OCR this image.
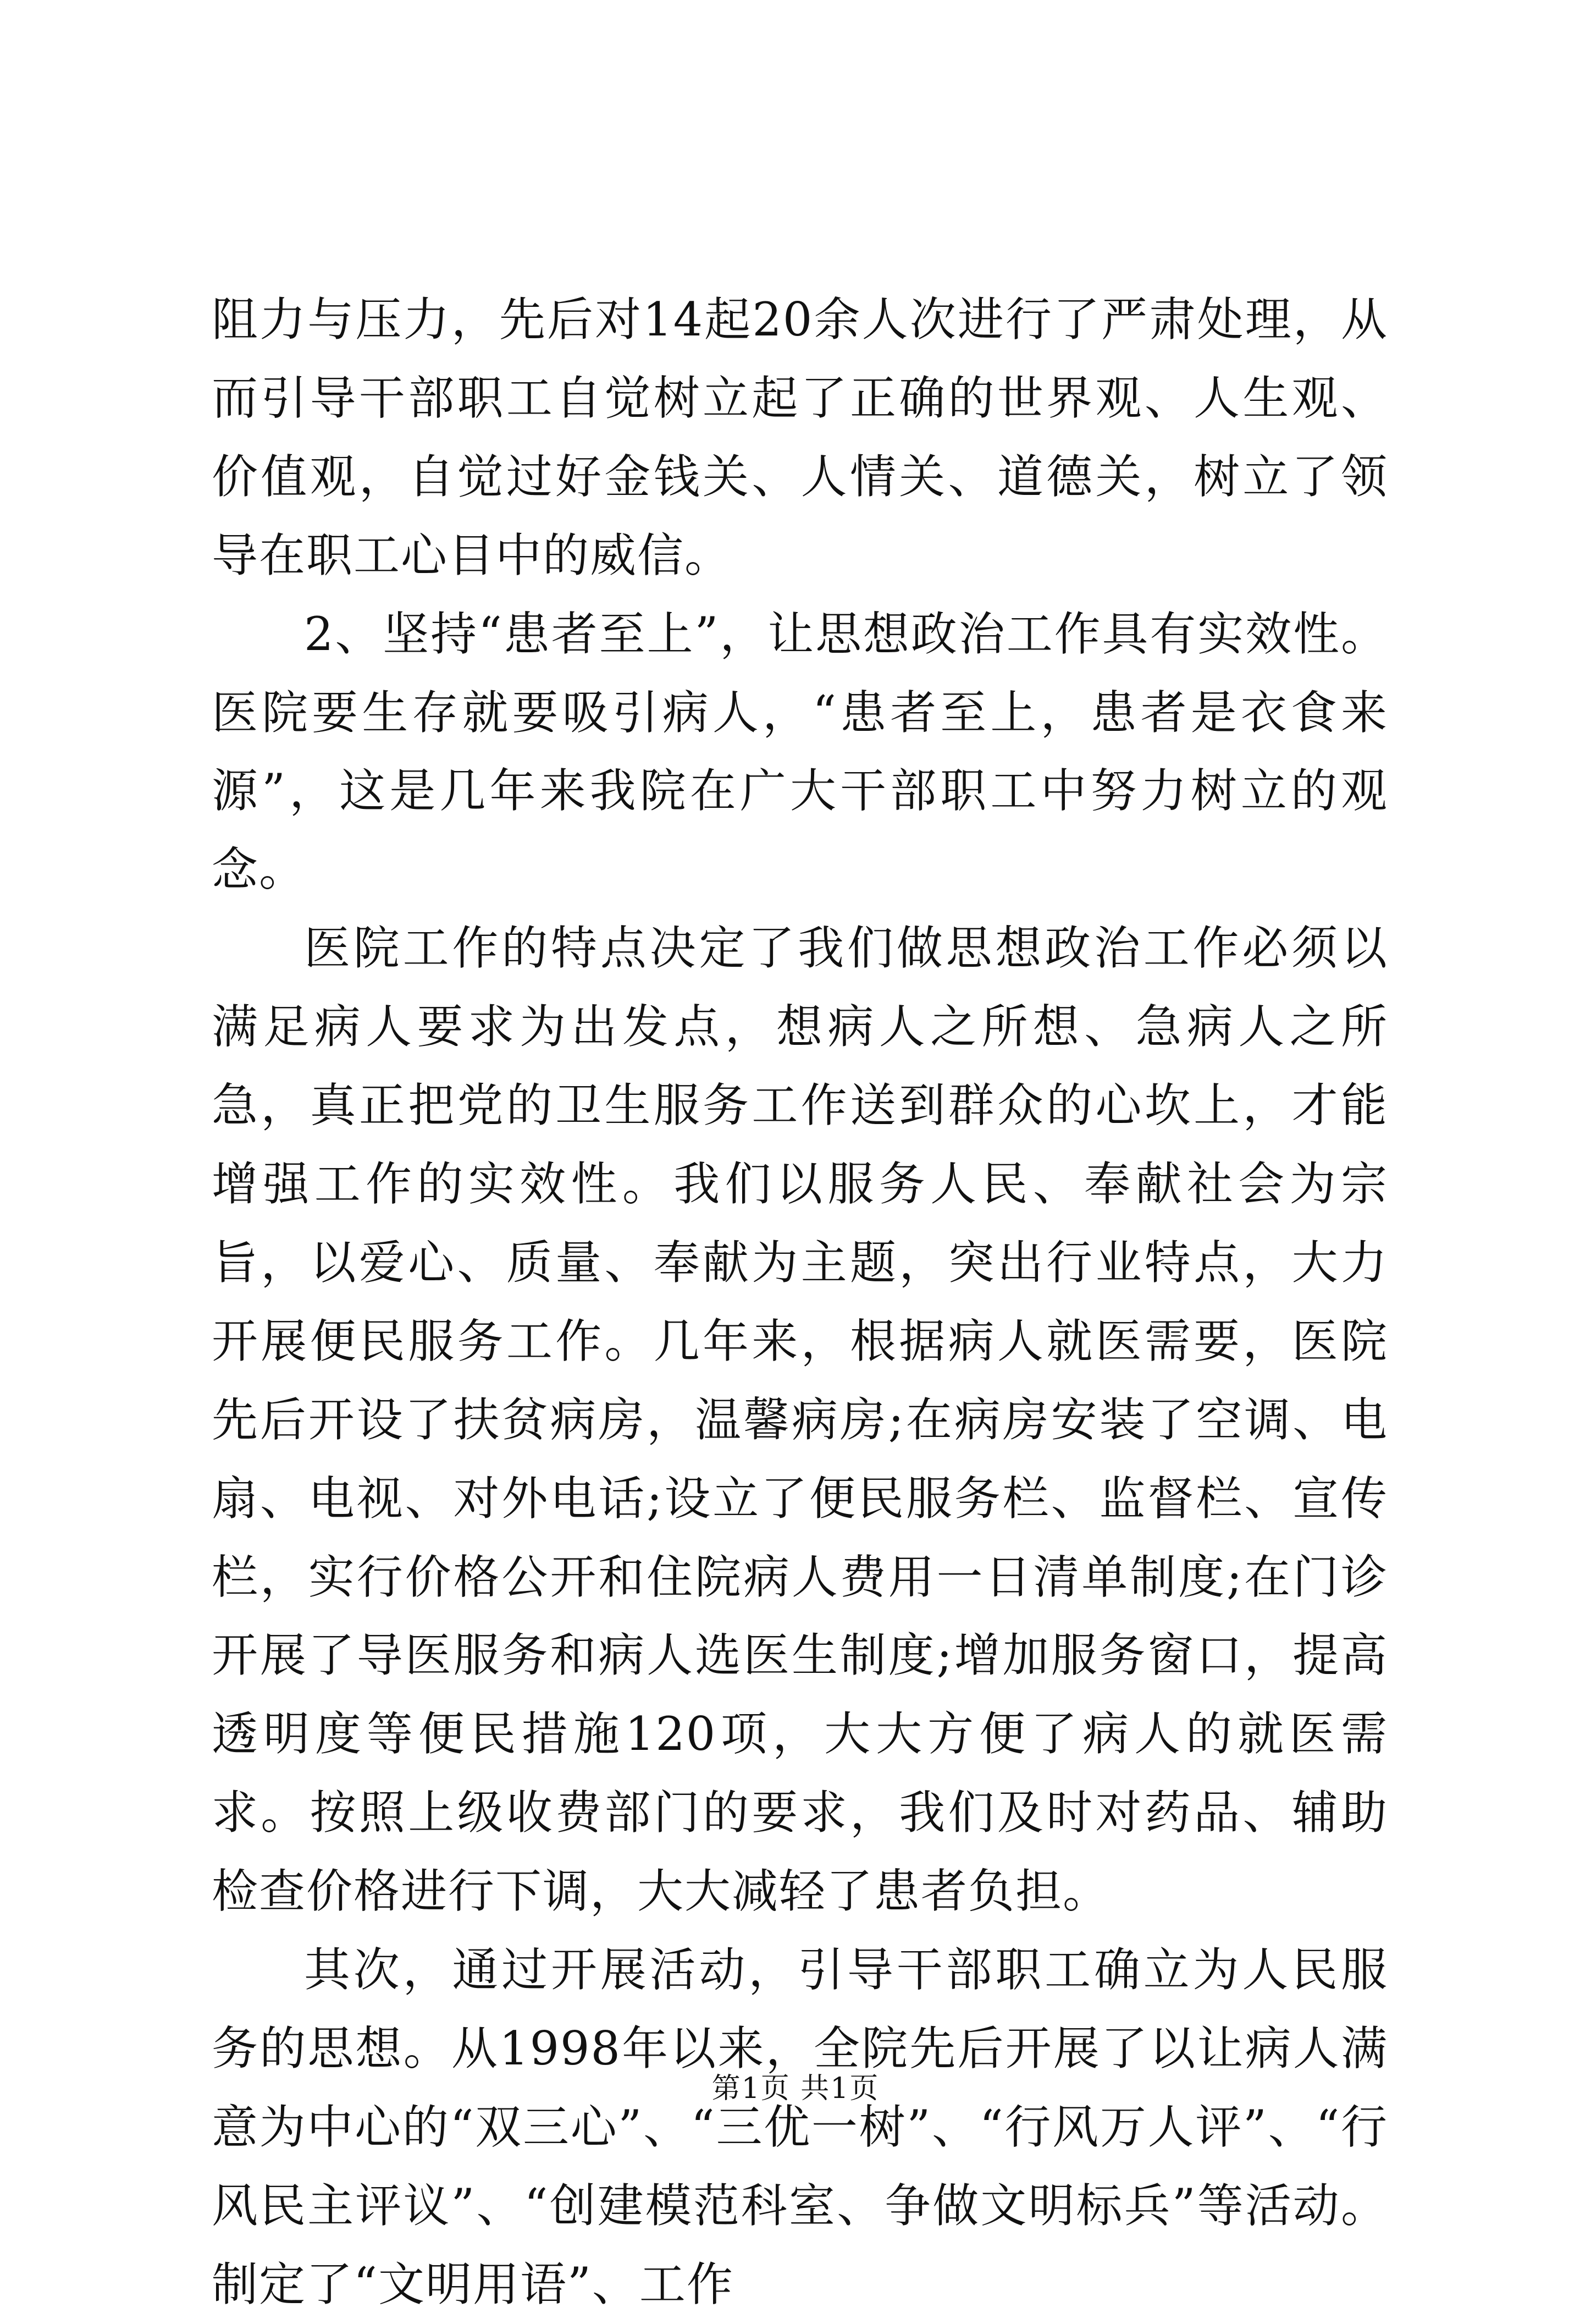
阻力与压力，先后对14起20余人次进行了严肃处理，从而引导干部职工自觉树立起了正确的世界观、人生观、价值观，自觉过好金钱关、人情关、道德关，树立了领导在职工心目中的威信。

2、坚持“患者至上”，让思想政治工作具有实效性。医院要生存就要吸引病人，“患者至上，患者是衣食来源”，这是几年来我院在广大干部职工中努力树立的观念。

医院工作的特点决定了我们做思想政治工作必须以满足病人要求为出发点，想病人之所想、急病人之所急，真正把党的卫生服务工作送到群众的心坎上，才能增强工作的实效性。我们以服务人民、奉献社会为宗旨，以爱心、质量、奉献为主题，突出行业特点，大力开展便民服务工作。几年来，根据病人就医需要，医院先后开设了扶贫病房，温馨病房;在病房安装了空调、电扇、电视、对外电话;设立了便民服务栏、监督栏、宣传栏，实行价格公开和住院病人费用一日清单制度;在门诊开展了导医服务和病人选医生制度;增加服务窗口，提高透明度等便民措施120项，大大方便了病人的就医需求。按照上级收费部门的要求，我们及时对药品、辅助检查价格进行下调，大大减轻了患者负担。

其次，通过开展活动，引导干部职工确立为人民服务的思想。从1998年以来，全院先后开展了以让病人满意为中心的“双三心”、“三优一树”、“行风万人评”、“行风民主评议”、“创建模范科室、争做文明标兵”等活动。制定了“文明用语”、工作

第1页 共1页
